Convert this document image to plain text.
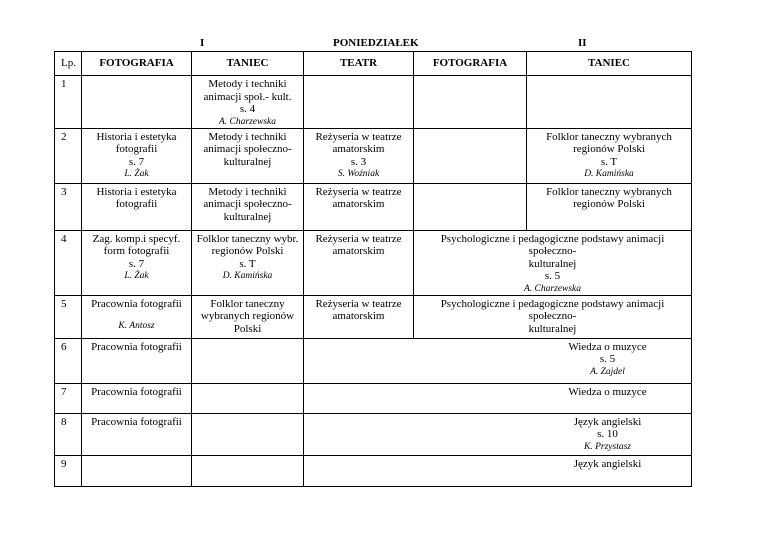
I	PONIEDZIAŁEK	II
Lp.	FOTOGRAFIA	TANIEC	TEATR	FOTOGRAFIA	TANIEC
1		Metody i techniki
animacji społ.- kult.
s. 4
A. Charzewska			

2	Historia i estetyka
fotografii
s. 7
L. Żak	Metody i techniki
animacji społeczno-
kulturalnej	Reżyseria w teatrze
amatorskim
s. 3
S. Woźniak		Folklor taneczny wybranych
regionów Polski
s. T
D. Kamińska

3	Historia i estetyka
fotografii	Metody i techniki
animacji społeczno-
kulturalnej	Reżyseria w teatrze
amatorskim		Folklor taneczny wybranych
regionów Polski

4	Zag. komp.i specyf.
form fotografii
s. 7
L. Żak	Folklor taneczny wybr.
regionów Polski
s. T
D. Kamińska	Reżyseria w teatrze
amatorskim	Psychologiczne i pedagogiczne podstawy animacji społeczno-
kulturalnej
s. 5
A. Charzewska	

5	Pracownia fotografii
K. Antosz	Folklor taneczny
wybranych regionów
Polski	Reżyseria w teatrze
amatorskim	Psychologiczne i pedagogiczne podstawy animacji społeczno-
kulturalnej	

6	Pracownia fotografii		Wiedza o muzyce
s. 5
A. Zajdel		

7	Pracownia fotografii		Wiedza o muzyce		

8	Pracownia fotografii		Język angielski
s. 10
K. Przystasz		

9			Język angielski		
